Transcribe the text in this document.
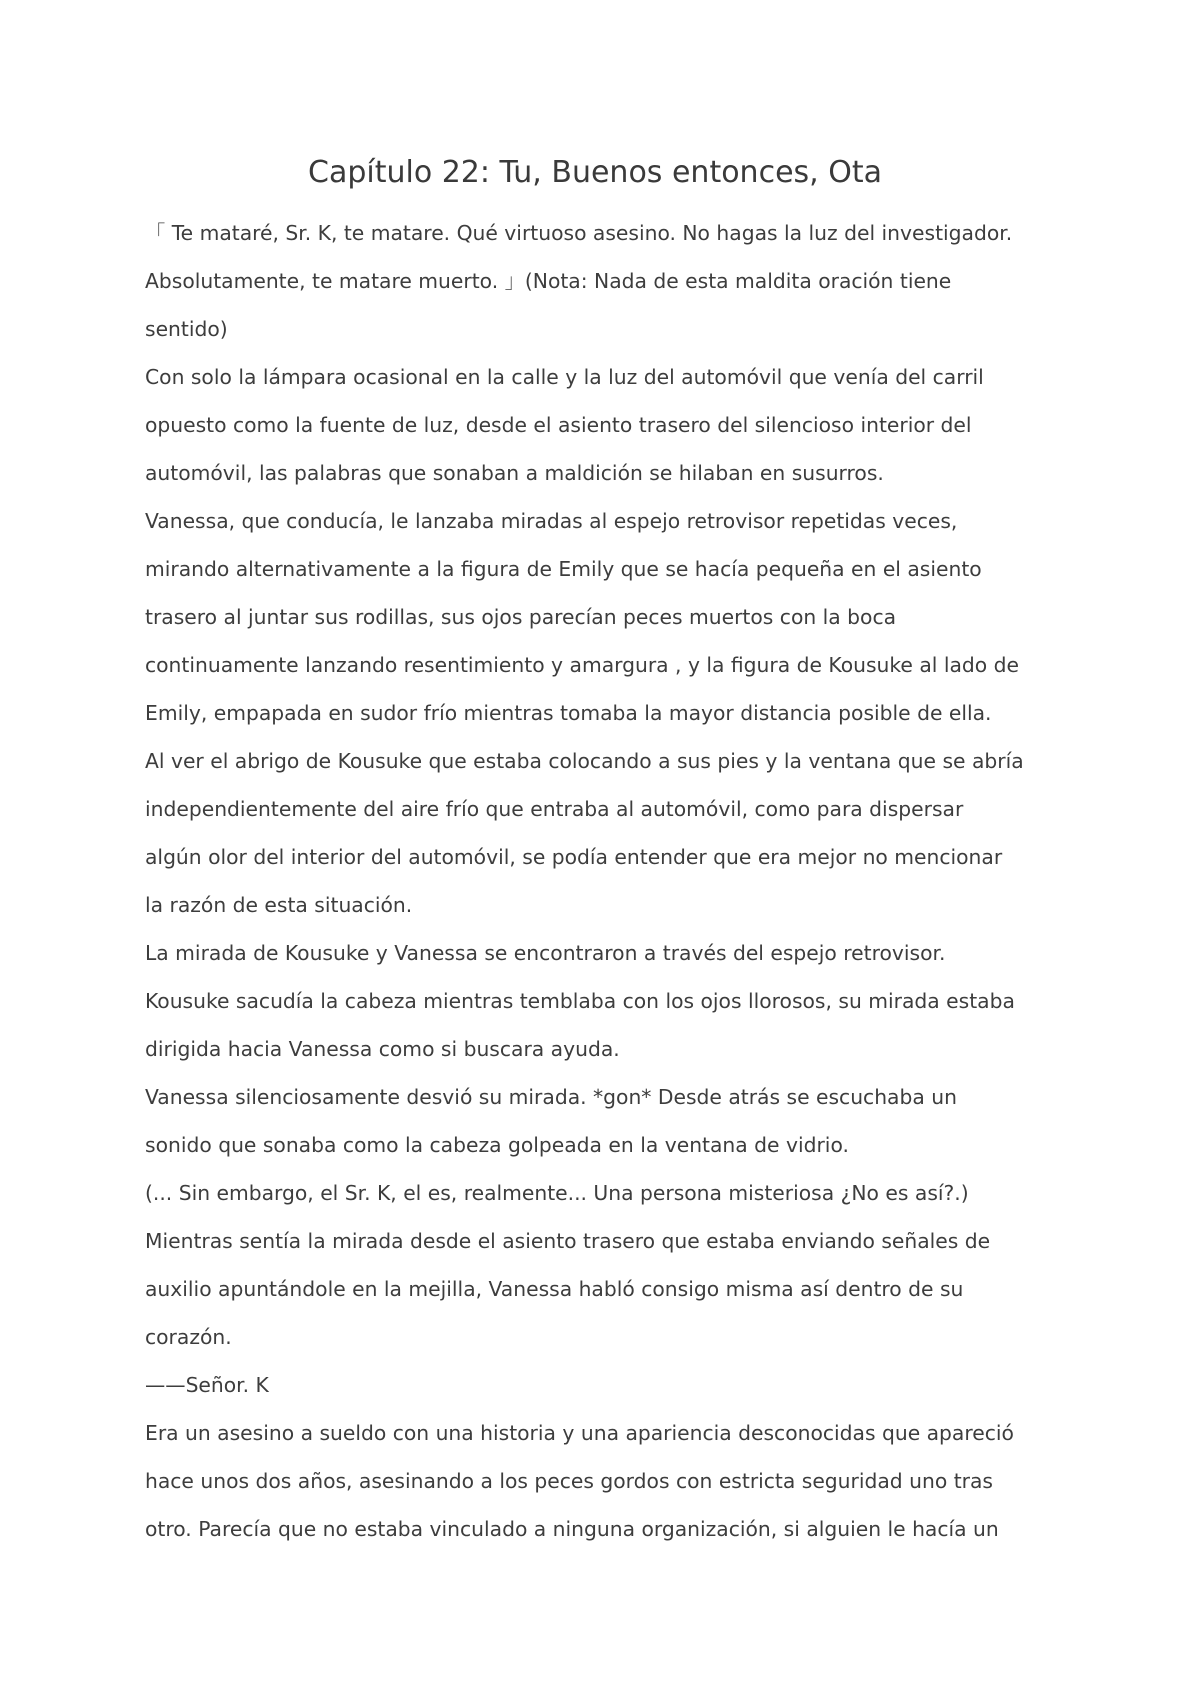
Capítulo 22: Tu, Buenos entonces, Ota
「 Te mataré, Sr. K, te matare. Qué virtuoso asesino. No hagas la luz del investigador.
Absolutamente, te matare muerto. 」(Nota: Nada de esta maldita oración tiene
sentido)
Con solo la lámpara ocasional en la calle y la luz del automóvil que venía del carril
opuesto como la fuente de luz, desde el asiento trasero del silencioso interior del
automóvil, las palabras que sonaban a maldición se hilaban en susurros.
Vanessa, que conducía, le lanzaba miradas al espejo retrovisor repetidas veces,
mirando alternativamente a la figura de Emily que se hacía pequeña en el asiento
trasero al juntar sus rodillas, sus ojos parecían peces muertos con la boca
continuamente lanzando resentimiento y amargura , y la figura de Kousuke al lado de
Emily, empapada en sudor frío mientras tomaba la mayor distancia posible de ella.
Al ver el abrigo de Kousuke que estaba colocando a sus pies y la ventana que se abría
independientemente del aire frío que entraba al automóvil, como para dispersar
algún olor del interior del automóvil, se podía entender que era mejor no mencionar
la razón de esta situación.
La mirada de Kousuke y Vanessa se encontraron a través del espejo retrovisor.
Kousuke sacudía la cabeza mientras temblaba con los ojos llorosos, su mirada estaba
dirigida hacia Vanessa como si buscara ayuda.
Vanessa silenciosamente desvió su mirada. *gon* Desde atrás se escuchaba un
sonido que sonaba como la cabeza golpeada en la ventana de vidrio.
(... Sin embargo, el Sr. K, el es, realmente... Una persona misteriosa ¿No es así?.)
Mientras sentía la mirada desde el asiento trasero que estaba enviando señales de
auxilio apuntándole en la mejilla, Vanessa habló consigo misma así dentro de su
corazón.
——Señor. K
Era un asesino a sueldo con una historia y una apariencia desconocidas que apareció
hace unos dos años, asesinando a los peces gordos con estricta seguridad uno tras
otro. Parecía que no estaba vinculado a ninguna organización, si alguien le hacía un
